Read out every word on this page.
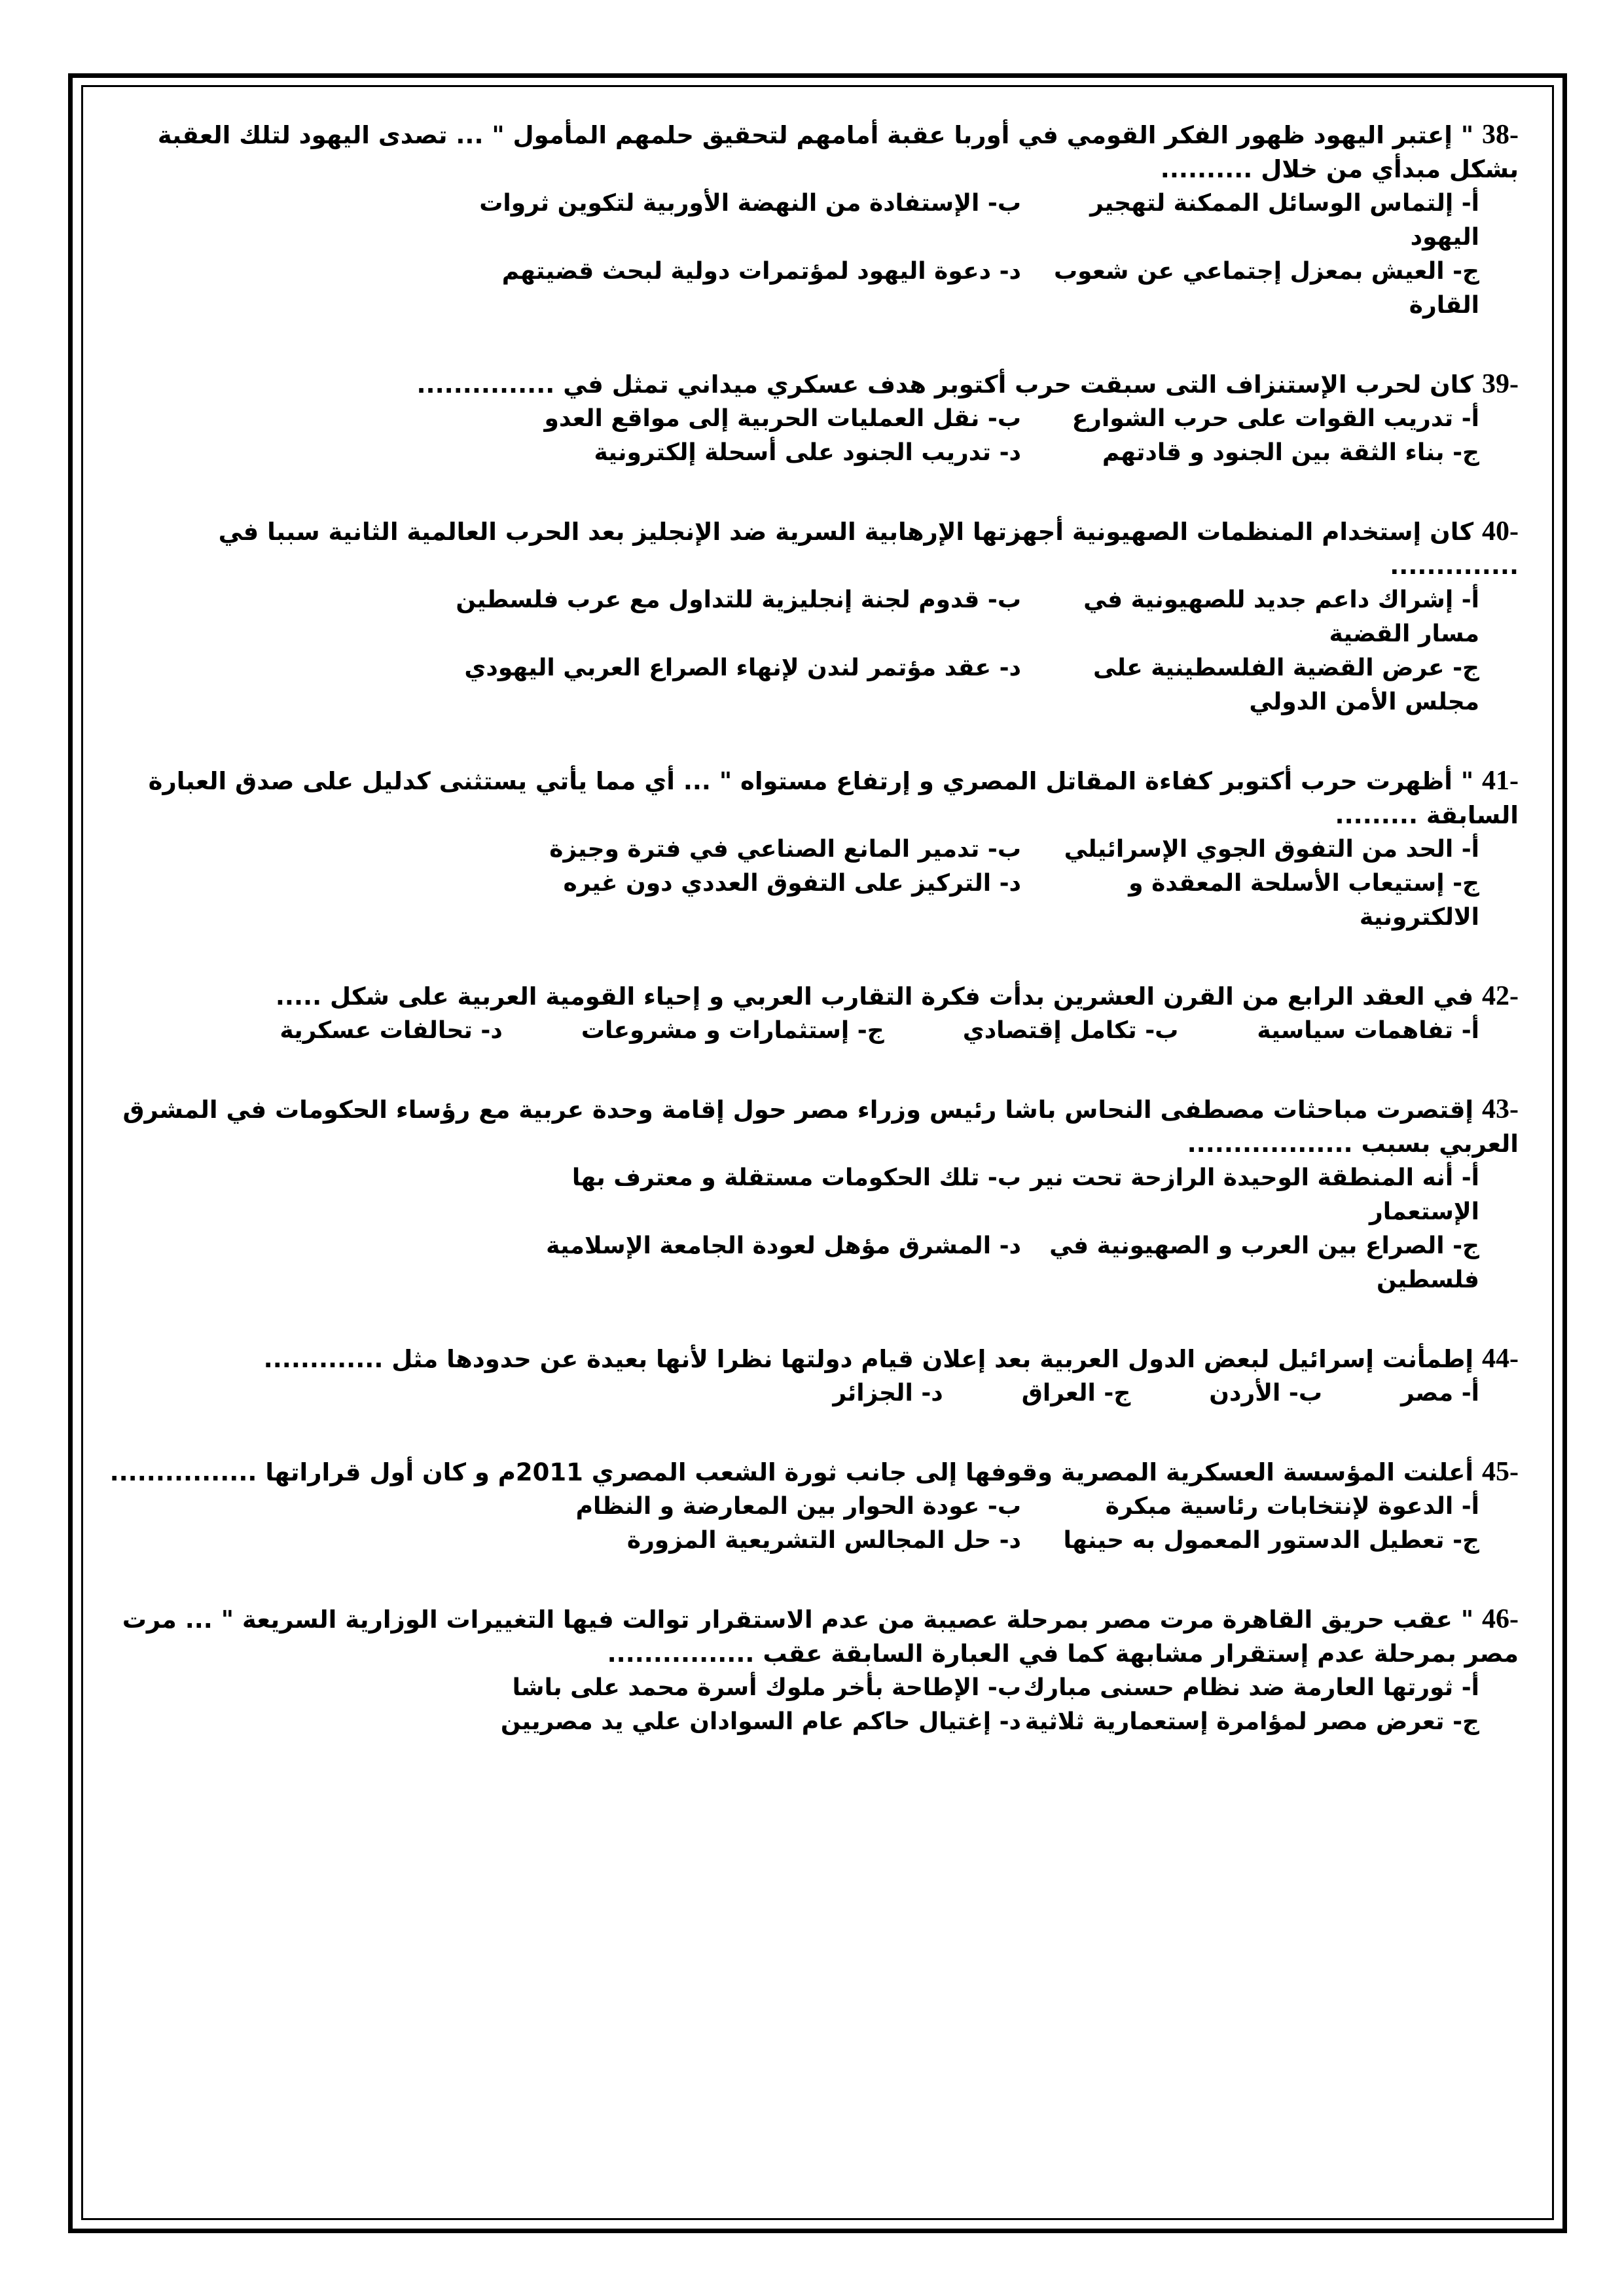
38- " إعتبر اليهود ظهور الفكر القومي في أوربا عقبة أمامهم لتحقيق حلمهم المأمول " ... تصدى اليهود لتلك العقبة بشكل مبدأي من خلال ..........
أ- إلتماس الوسائل الممكنة لتهجير اليهود
ب- الإستفادة من النهضة الأوربية لتكوين ثروات
ج- العيش بمعزل إجتماعي عن شعوب القارة
د- دعوة اليهود لمؤتمرات دولية لبحث قضيتهم
39- كان لحرب الإستنزاف التى سبقت حرب أكتوبر هدف عسكري ميداني تمثل في ...............
أ- تدريب القوات على حرب الشوارع
ب- نقل العمليات الحربية إلى مواقع العدو
ج- بناء الثقة بين الجنود و قادتهم
د- تدريب الجنود على أسحلة إلكترونية
40- كان إستخدام المنظمات الصهيونية أجهزتها الإرهابية السرية ضد الإنجليز بعد الحرب العالمية الثانية سببا في ..............
أ- إشراك داعم جديد للصهيونية في مسار القضية
ب- قدوم لجنة إنجليزية للتداول مع عرب فلسطين
ج- عرض القضية الفلسطينية على مجلس الأمن الدولي
د- عقد مؤتمر لندن لإنهاء الصراع العربي اليهودي
41- " أظهرت حرب أكتوبر كفاءة المقاتل المصري و إرتفاع مستواه " ... أي مما يأتي يستثنى كدليل على صدق العبارة السابقة .........
أ- الحد من التفوق الجوي الإسرائيلي
ب- تدمير المانع الصناعي في فترة وجيزة
ج- إستيعاب الأسلحة المعقدة و الالكترونية
د- التركيز على التفوق العددي دون غيره
42- في العقد الرابع من القرن العشرين بدأت فكرة التقارب العربي و إحياء القومية العربية على شكل .....
أ- تفاهمات سياسية
ب- تكامل إقتصادي
ج- إستثمارات و مشروعات
د- تحالفات عسكرية
43- إقتصرت مباحثات مصطفى النحاس باشا رئيس وزراء مصر حول إقامة وحدة عربية مع رؤساء الحكومات في المشرق العربي بسبب ..................
أ- أنه المنطقة الوحيدة الرازحة تحت نير الإستعمار
ب- تلك الحكومات مستقلة و معترف بها
ج- الصراع بين العرب و الصهيونية في فلسطين
د- المشرق مؤهل لعودة الجامعة الإسلامية
44- إطمأنت إسرائيل لبعض الدول العربية بعد إعلان قيام دولتها نظرا لأنها بعيدة عن حدودها مثل .............
أ- مصر
ب- الأردن
ج- العراق
د- الجزائر
45- أعلنت المؤسسة العسكرية المصرية وقوفها إلى جانب ثورة الشعب المصري 2011م و كان أول قراراتها ................
أ- الدعوة لإنتخابات رئاسية مبكرة
ب- عودة الحوار بين المعارضة و النظام
ج- تعطيل الدستور المعمول به حينها
د- حل المجالس التشريعية المزورة
46- " عقب حريق القاهرة مرت مصر بمرحلة عصيبة من عدم الاستقرار توالت فيها التغييرات الوزارية السريعة " ... مرت مصر بمرحلة عدم إستقرار مشابهة كما في العبارة السابقة عقب ................
أ- ثورتها العارمة ضد نظام حسنى مبارك
ب- الإطاحة بأخر ملوك أسرة محمد على باشا
ج- تعرض مصر لمؤامرة إستعمارية ثلاثية
د- إغتيال حاكم عام السوادان علي يد مصريين
